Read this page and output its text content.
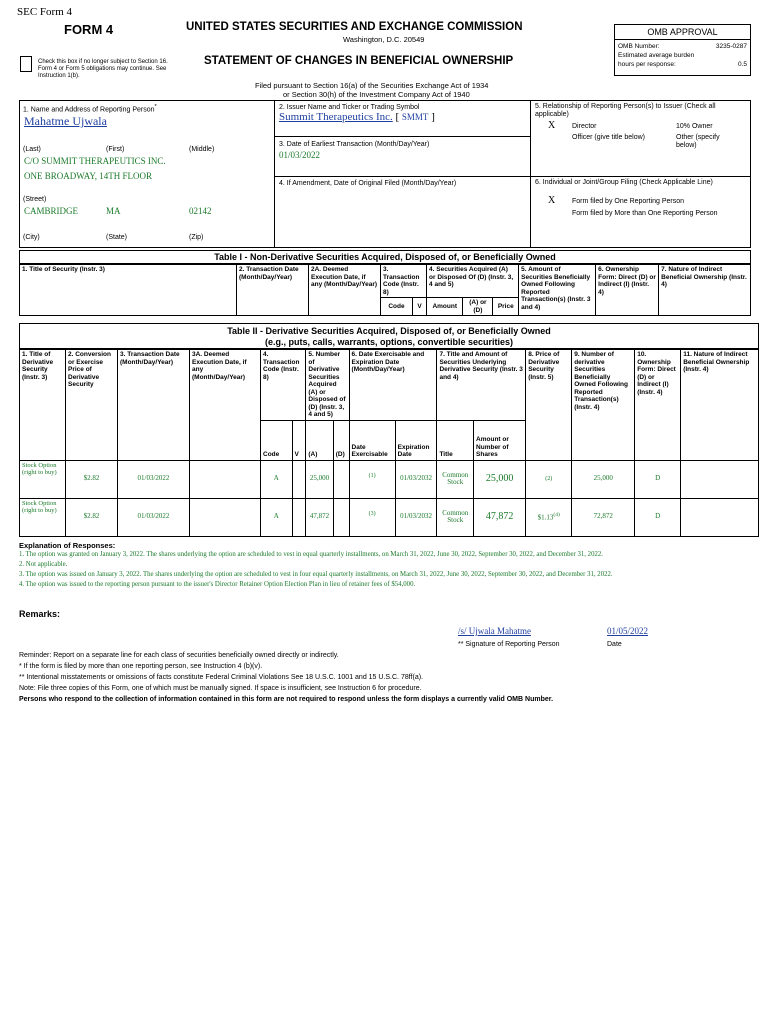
SEC Form 4
FORM 4
Check this box if no longer subject to Section 16. Form 4 or Form 5 obligations may continue. See Instruction 1(b).
UNITED STATES SECURITIES AND EXCHANGE COMMISSION
Washington, D.C. 20549
STATEMENT OF CHANGES IN BENEFICIAL OWNERSHIP
Filed pursuant to Section 16(a) of the Securities Exchange Act of 1934
or Section 30(h) of the Investment Company Act of 1940
OMB APPROVAL
OMB Number:	3235-0287
Estimated average burden
hours per response:	0.5
1. Name and Address of Reporting Person*
Mahatme Ujwala
(Last)	(First)	(Middle)
C/O SUMMIT THERAPEUTICS INC.
ONE BROADWAY, 14TH FLOOR
(Street)
CAMBRIDGE	MA	02142
(City)	(State)	(Zip)
2. Issuer Name and Ticker or Trading Symbol
Summit Therapeutics Inc. [ SMMT ]
3. Date of Earliest Transaction (Month/Day/Year)
01/03/2022
4. If Amendment, Date of Original Filed (Month/Day/Year)
5. Relationship of Reporting Person(s) to Issuer (Check all applicable)
X Director	10% Owner
Officer (give title below)	Other (specify below)
6. Individual or Joint/Group Filing (Check Applicable Line)
X Form filed by One Reporting Person
Form filed by More than One Reporting Person
Table I - Non-Derivative Securities Acquired, Disposed of, or Beneficially Owned
1. Title of Security (Instr. 3)	2. Transaction Date (Month/Day/Year)	2A. Deemed Execution Date, if any (Month/Day/Year)	3. Transaction Code (Instr. 8)		4. Securities Acquired (A) or Disposed Of (D) (Instr. 3, 4 and 5)			5. Amount of Securities Beneficially Owned Following Reported Transaction(s) (Instr. 3 and 4)	6. Ownership Form: Direct (D) or Indirect (I) (Instr. 4)	7. Nature of Indirect Beneficial Ownership (Instr. 4)
			Code	V	Amount	(A) or (D)	Price			
Table II - Derivative Securities Acquired, Disposed of, or Beneficially Owned
(e.g., puts, calls, warrants, options, convertible securities)
1. Title of Derivative Security (Instr. 3)	2. Conversion or Exercise Price of Derivative Security	3. Transaction Date (Month/Day/Year)	3A. Deemed Execution Date, if any (Month/Day/Year)	4. Transaction Code (Instr. 8)		5. Number of Derivative Securities Acquired (A) or Disposed of (D) (Instr. 3, 4 and 5)		6. Date Exercisable and Expiration Date (Month/Day/Year)		7. Title and Amount of Securities Underlying Derivative Security (Instr. 3 and 4)		8. Price of Derivative Security (Instr. 5)	9. Number of derivative Securities Beneficially Owned Following Reported Transaction(s) (Instr. 4)	10. Ownership Form: Direct (D) or Indirect (I) (Instr. 4)	11. Nature of Indirect Beneficial Ownership (Instr. 4)
				Code	V	(A)	(D)	Date Exercisable	Expiration Date	Title	Amount or Number of Shares				
Stock Option (right to buy)	$2.82	01/03/2022		A		25,000		(1)	01/03/2032	Common Stock	25,000	(2)	25,000	D	
Stock Option (right to buy)	$2.82	01/03/2022		A		47,872		(3)	01/03/2032	Common Stock	47,872	$1.13$^{(4)}$	72,872	D	
Explanation of Responses:
1. The option was granted on January 3, 2022. The shares underlying the option are scheduled to vest in equal quarterly installments, on March 31, 2022, June 30, 2022, September 30, 2022, and December 31, 2022.
2. Not applicable.
3. The option was issued on January 3, 2022. The shares underlying the option are scheduled to vest in four equal quarterly installments, on March 31, 2022, June 30, 2022, September 30, 2022, and December 31, 2022.
4. The option was issued to the reporting person pursuant to the issuer's Director Retainer Option Election Plan in lieu of retainer fees of $54,000.
Remarks:
/s/ Ujwala Mahatme	01/05/2022
** Signature of Reporting Person	Date
Reminder: Report on a separate line for each class of securities beneficially owned directly or indirectly.
* If the form is filed by more than one reporting person, see Instruction 4 (b)(v).
** Intentional misstatements or omissions of facts constitute Federal Criminal Violations See 18 U.S.C. 1001 and 15 U.S.C. 78ff(a).
Note: File three copies of this Form, one of which must be manually signed. If space is insufficient, see Instruction 6 for procedure.
Persons who respond to the collection of information contained in this form are not required to respond unless the form displays a currently valid OMB Number.
